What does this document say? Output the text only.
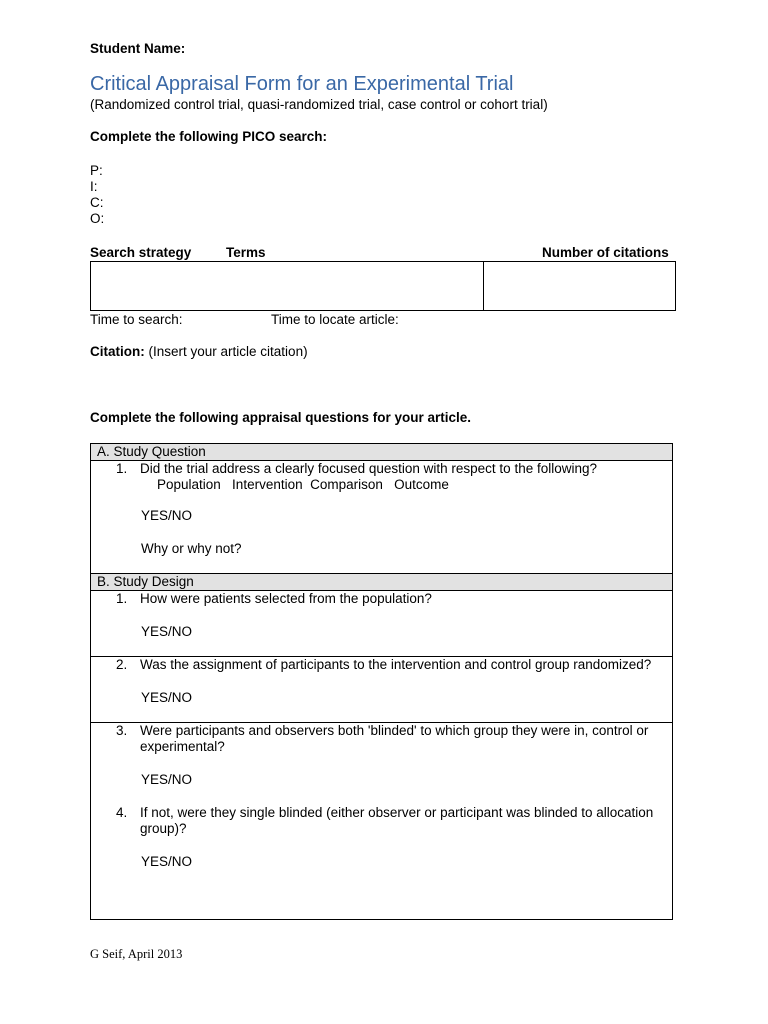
Student Name:
Critical Appraisal Form for an Experimental Trial
(Randomized control trial, quasi-randomized trial, case control or cohort trial)
Complete the following PICO search:
P:
I:
C:
O:
Search strategy	Terms	Number of citations
Time to search:	Time to locate article:
Citation: (Insert your article citation)
Complete the following appraisal questions for your article.
A. Study Question
1. Did the trial address a clearly focused question with respect to the following?
Population   Intervention  Comparison   Outcome
YES/NO
Why or why not?
B. Study Design
1. How were patients selected from the population?
YES/NO
2. Was the assignment of participants to the intervention and control group randomized?
YES/NO
3. Were participants and observers both 'blinded' to which group they were in, control or
experimental?
YES/NO
4. If not, were they single blinded (either observer or participant was blinded to allocation
group)?
YES/NO
G Seif, April 2013
